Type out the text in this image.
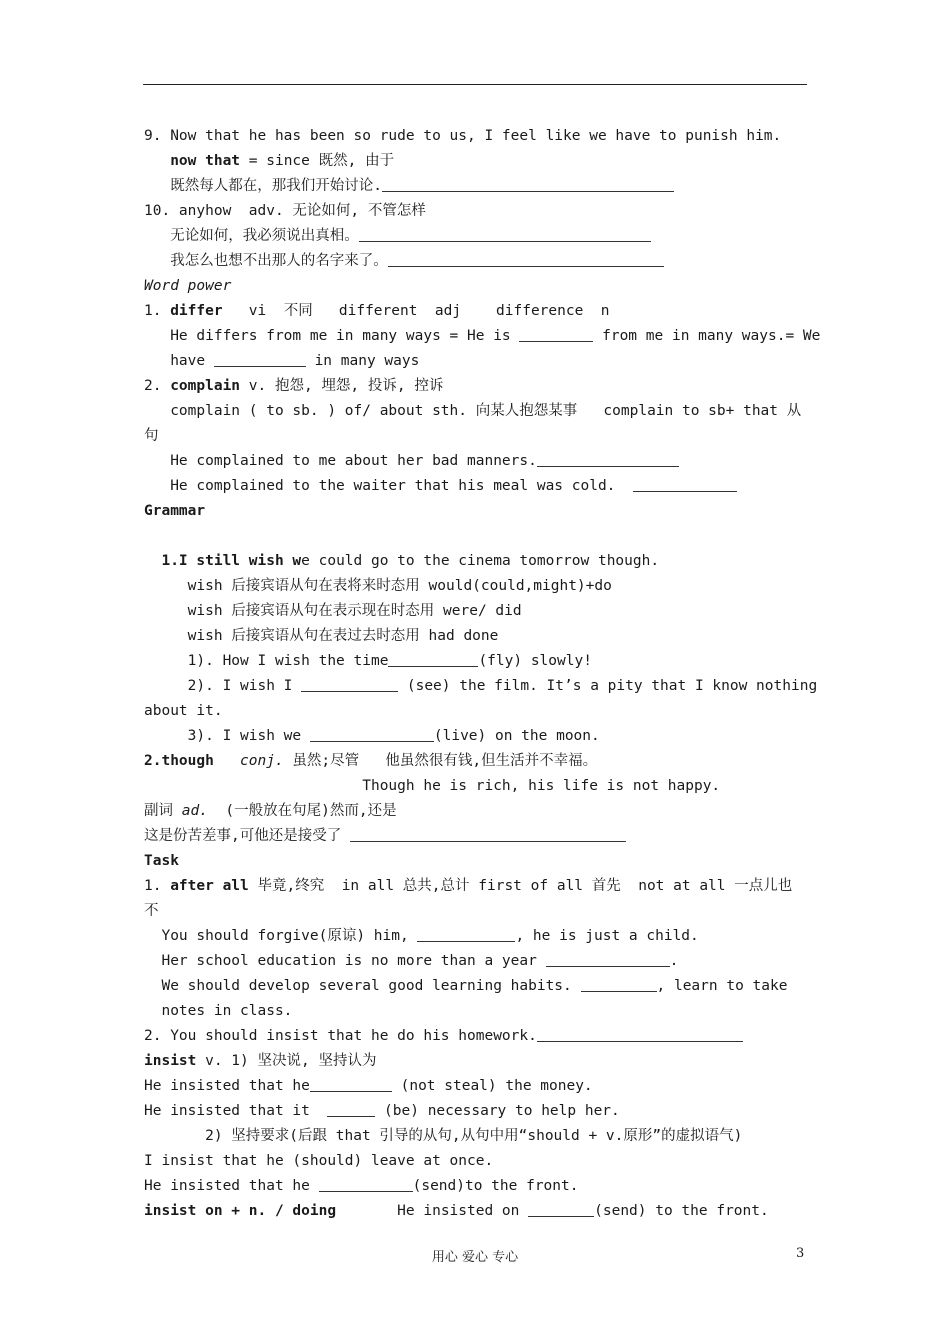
9. Now that he has been so rude to us, I feel like we have to punish him.
now that = since 既然, 由于
既然每人都在，那我们开始讨论.
10. anyhow  adv. 无论如何, 不管怎样
无论如何，我必须说出真相。
我怎么也想不出那人的名字来了。
Word power
1. differ   vi  不同   different  adj    difference  n
He differs from me in many ways = He is	from me in many ways.= We
have	in many ways
2. complain v. 抱怨, 埋怨, 投诉, 控诉
complain ( to sb. ) of/ about sth. 向某人抱怨某事   complain to sb+ that 从
句
He complained to me about her bad manners.
He complained to the waiter that his meal was cold.
Grammar
1.I still wish we could go to the cinema tomorrow though.
wish 后接宾语从句在表将来时态用 would(could,might)+do
wish 后接宾语从句在表示现在时态用 were/ did
wish 后接宾语从句在表过去时态用 had done
1). How I wish the time	(fly) slowly!
2). I wish I	(see) the film. It’s a pity that I know nothing
about it.
3). I wish we	(live) on the moon.
2.though conj. 虽然;尽管   他虽然很有钱,但生活并不幸福。
Though he is rich, his life is not happy.
副词 ad.  (一般放在句尾)然而,还是
这是份苦差事,可他还是接受了
Task
1. after all 毕竟,终究  in all 总共,总计 first of all 首先  not at all 一点儿也
不
You should forgive(原谅) him,	, he is just a child.
Her school education is no more than a year	.
We should develop several good learning habits.	, learn to take
notes in class.
2. You should insist that he do his homework.
insist v. 1) 坚决说, 坚持认为
He insisted that he	(not steal) the money.
He insisted that it	(be) necessary to help her.
2) 坚持要求(后跟 that 引导的从句,从句中用“should + v.原形”的虚拟语气)
I insist that he (should) leave at once.
He insisted that he	(send)to the front.
insist on + n. / doing       He insisted on	(send) to the front.
用心 爱心 专心	3
